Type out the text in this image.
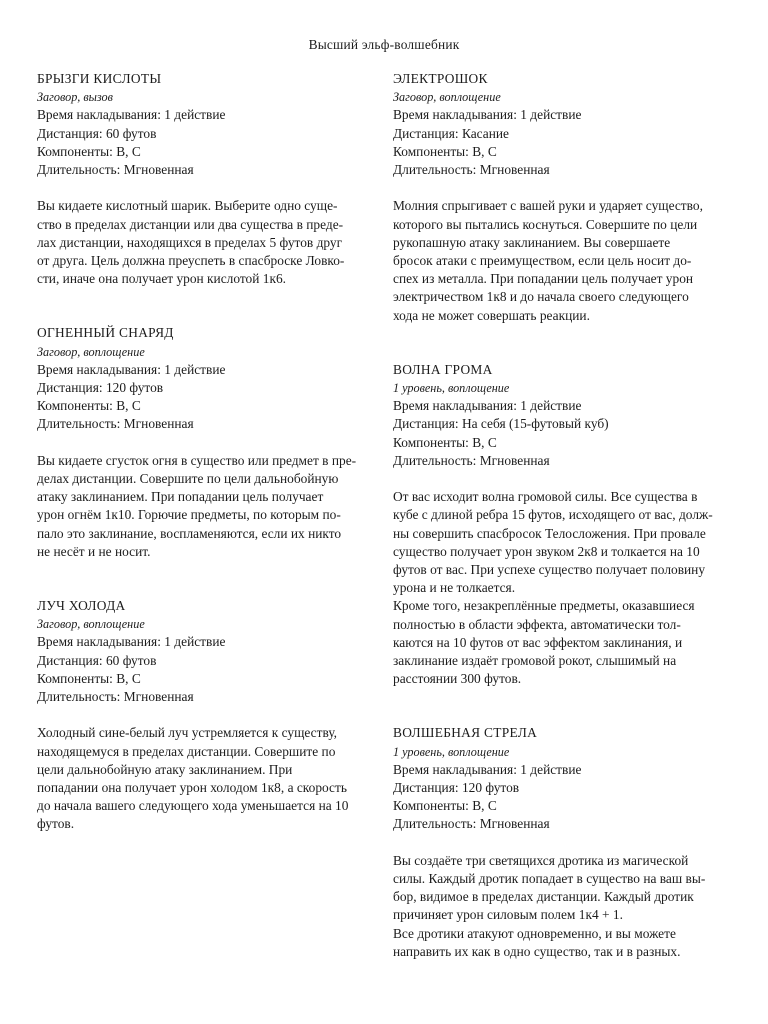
Высший эльф-волшебник
БРЫЗГИ КИСЛОТЫ
Заговор, вызов
Время накладывания: 1 действие
Дистанция: 60 футов
Компоненты: В, С
Длительность: Мгновенная
Вы кидаете кислотный шарик. Выберите одно суще-
ство в пределах дистанции или два существа в преде-
лах дистанции, находящихся в пределах 5 футов друг
от друга. Цель должна преуспеть в спасброске Ловко-
сти, иначе она получает урон кислотой 1к6.
ОГНЕННЫЙ СНАРЯД
Заговор, воплощение
Время накладывания: 1 действие
Дистанция: 120 футов
Компоненты: В, С
Длительность: Мгновенная
Вы кидаете сгусток огня в существо или предмет в пре-
делах дистанции. Совершите по цели дальнобойную
атаку заклинанием. При попадании цель получает
урон огнём 1к10. Горючие предметы, по которым по-
пало это заклинание, воспламеняются, если их никто
не несёт и не носит.
ЛУЧ ХОЛОДА
Заговор, воплощение
Время накладывания: 1 действие
Дистанция: 60 футов
Компоненты: В, С
Длительность: Мгновенная
Холодный сине-белый луч устремляется к существу,
находящемуся в пределах дистанции. Совершите по
цели дальнобойную атаку заклинанием. При
попадании она получает урон холодом 1к8, а скорость
до начала вашего следующего хода уменьшается на 10
футов.
ЭЛЕКТРОШОК
Заговор, воплощение
Время накладывания: 1 действие
Дистанция: Касание
Компоненты: В, С
Длительность: Мгновенная
Молния спрыгивает с вашей руки и ударяет существо,
которого вы пытались коснуться. Совершите по цели
рукопашную атаку заклинанием. Вы совершаете
бросок атаки с преимуществом, если цель носит до-
спех из металла. При попадании цель получает урон
электричеством 1к8 и до начала своего следующего
хода не может совершать реакции.
ВОЛНА ГРОМА
1 уровень, воплощение
Время накладывания: 1 действие
Дистанция: На себя (15-футовый куб)
Компоненты: В, С
Длительность: Мгновенная
От вас исходит волна громовой силы. Все существа в
кубе с длиной ребра 15 футов, исходящего от вас, долж-
ны совершить спасбросок Телосложения. При провале
существо получает урон звуком 2к8 и толкается на 10
футов от вас. При успехе существо получает половину
урона и не толкается.
Кроме того, незакреплённые предметы, оказавшиеся
полностью в области эффекта, автоматически тол-
каются на 10 футов от вас эффектом заклинания, и
заклинание издаёт громовой рокот, слышимый на
расстоянии 300 футов.
ВОЛШЕБНАЯ СТРЕЛА
1 уровень, воплощение
Время накладывания: 1 действие
Дистанция: 120 футов
Компоненты: В, С
Длительность: Мгновенная
Вы создаёте три светящихся дротика из магической
силы. Каждый дротик попадает в существо на ваш вы-
бор, видимое в пределах дистанции. Каждый дротик
причиняет урон силовым полем 1к4 + 1.
Все дротики атакуют одновременно, и вы можете
направить их как в одно существо, так и в разных.
